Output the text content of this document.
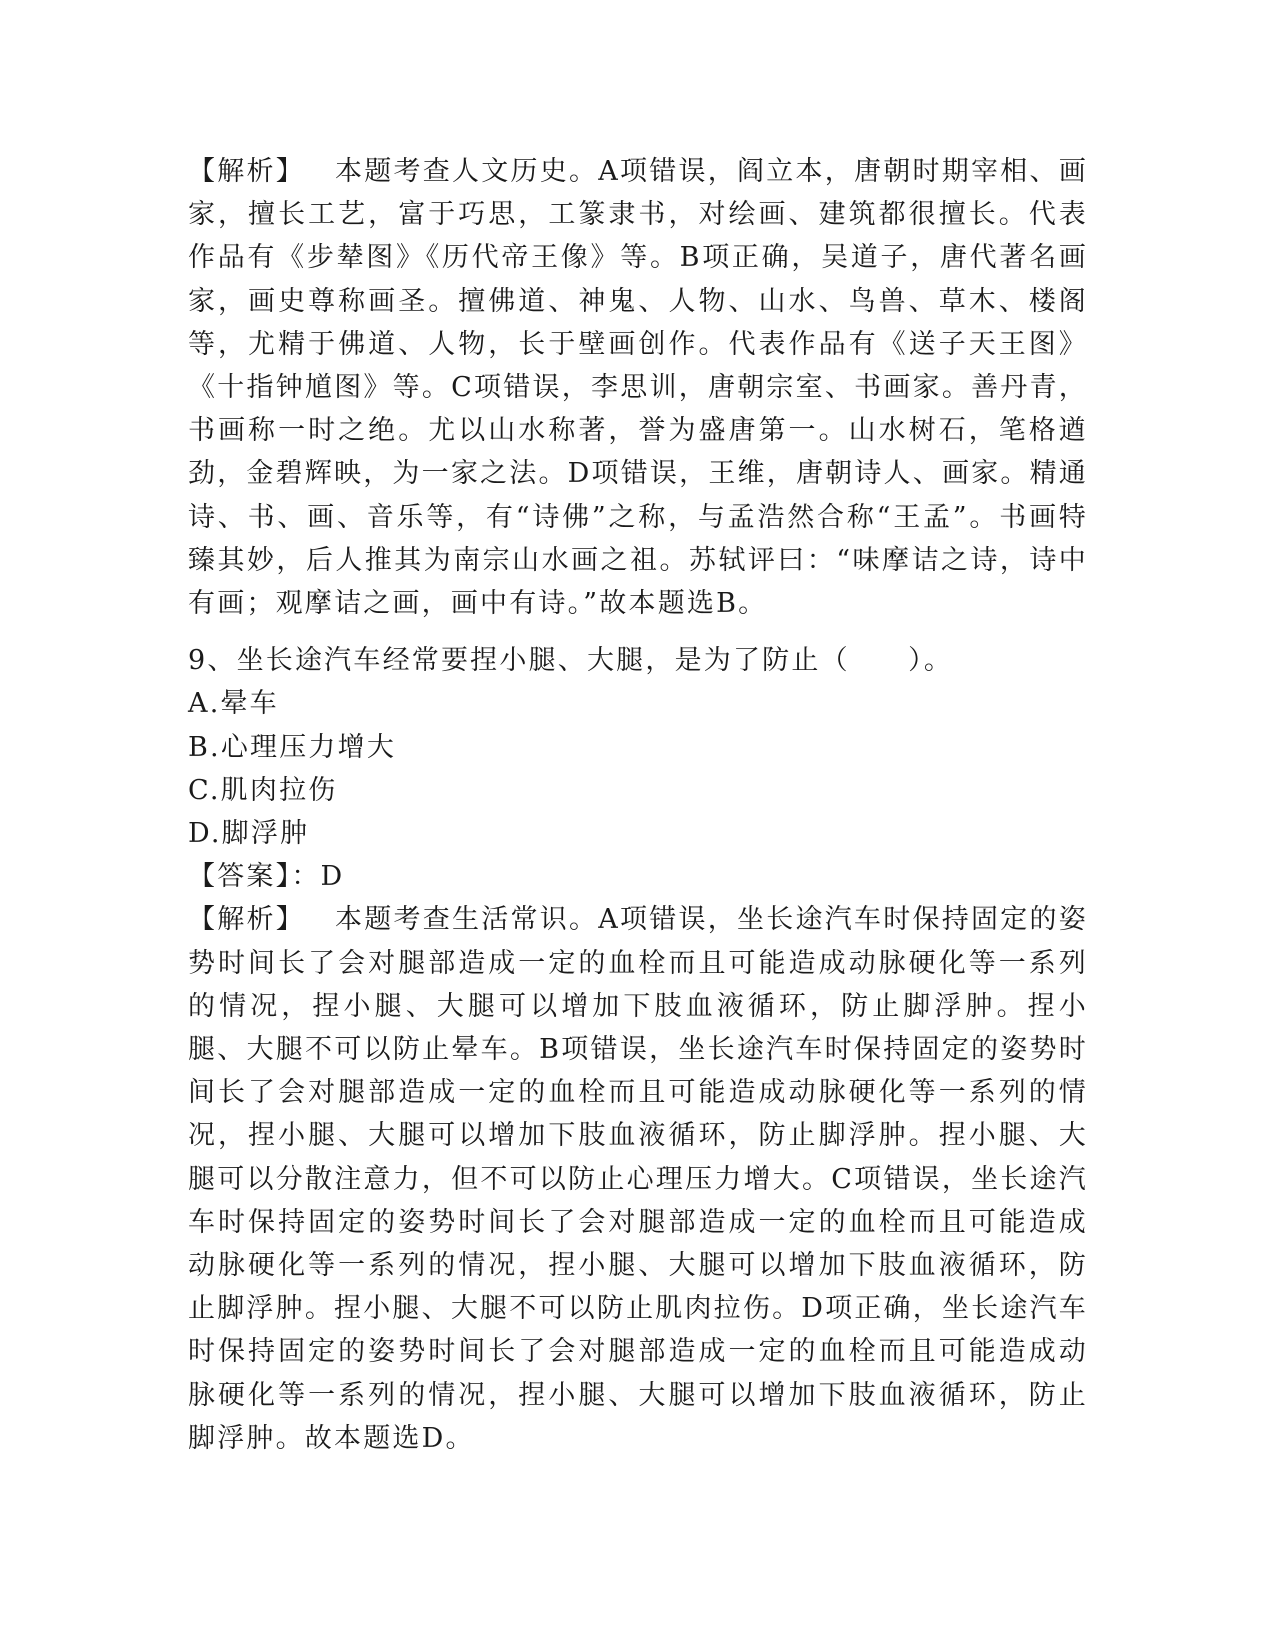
【解析】 本题考查人文历史。A项错误，阎立本，唐朝时期宰相、画家，擅长工艺，富于巧思，工篆隶书，对绘画、建筑都很擅长。代表作品有《步辇图》《历代帝王像》等。B项正确，吴道子，唐代著名画家，画史尊称画圣。擅佛道、神鬼、人物、山水、鸟兽、草木、楼阁等，尤精于佛道、人物，长于壁画创作。代表作品有《送子天王图》《十指钟馗图》等。C项错误，李思训，唐朝宗室、书画家。善丹青，书画称一时之绝。尤以山水称著，誉为盛唐第一。山水树石，笔格遒劲，金碧辉映，为一家之法。D项错误，王维，唐朝诗人、画家。精通诗、书、画、音乐等，有“诗佛”之称，与孟浩然合称“王孟”。书画特臻其妙，后人推其为南宗山水画之祖。苏轼评曰：“味摩诘之诗，诗中有画；观摩诘之画，画中有诗。”故本题选B。

9、坐长途汽车经常要捏小腿、大腿，是为了防止（　　）。

A.晕车

B.心理压力增大

C.肌肉拉伤

D.脚浮肿

【答案】：D

【解析】 本题考查生活常识。A项错误，坐长途汽车时保持固定的姿势时间长了会对腿部造成一定的血栓而且可能造成动脉硬化等一系列的情况，捏小腿、大腿可以增加下肢血液循环，防止脚浮肿。捏小腿、大腿不可以防止晕车。B项错误，坐长途汽车时保持固定的姿势时间长了会对腿部造成一定的血栓而且可能造成动脉硬化等一系列的情况，捏小腿、大腿可以增加下肢血液循环，防止脚浮肿。捏小腿、大腿可以分散注意力，但不可以防止心理压力增大。C项错误，坐长途汽车时保持固定的姿势时间长了会对腿部造成一定的血栓而且可能造成动脉硬化等一系列的情况，捏小腿、大腿可以增加下肢血液循环，防止脚浮肿。捏小腿、大腿不可以防止肌肉拉伤。D项正确，坐长途汽车时保持固定的姿势时间长了会对腿部造成一定的血栓而且可能造成动脉硬化等一系列的情况，捏小腿、大腿可以增加下肢血液循环，防止脚浮肿。故本题选D。
